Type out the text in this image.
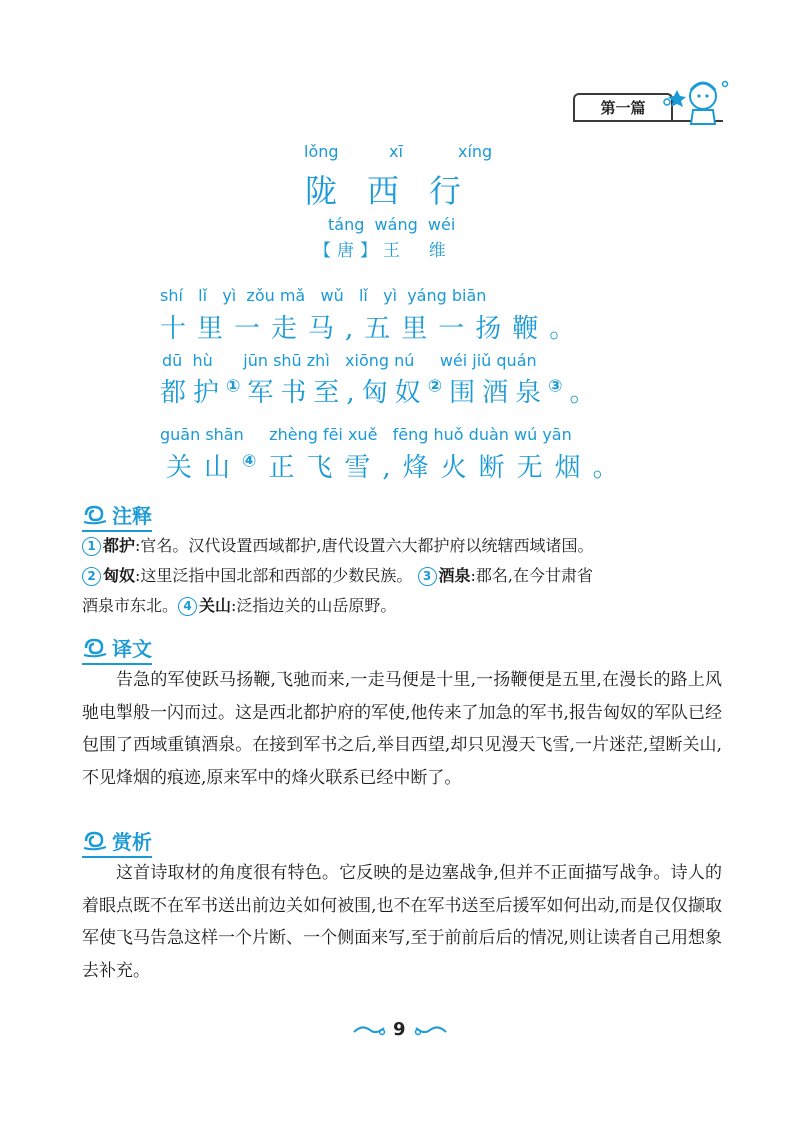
第一篇
lǒng	xī	xíng
陇西行
táng  wáng  wéi
【唐】王  维
shí   lǐ   yì  zǒu mǎ   wǔ   lǐ   yì  yáng biān
十里一走马,五里一扬鞭。
dū  hù      jūn shū zhì   xiōng nú     wéi jiǔ quán
都护①军书至,匈奴②围酒泉③。
guān shān     zhèng fēi xuě   fēng huǒ duàn wú yān
关山④正飞雪,烽火断无烟。
注释
1 都护:官名。汉代设置西域都护,唐代设置六大都护府以统辖西域诸国。
2 匈奴:这里泛指中国北部和西部的少数民族。 3 酒泉:郡名,在今甘肃省
酒泉市东北。 4 关山:泛指边关的山岳原野。
译文
告急的军使跃马扬鞭,飞驰而来,一走马便是十里,一扬鞭便是五里,在漫长的路上风驰电掣般一闪而过。这是西北都护府的军使,他传来了加急的军书,报告匈奴的军队已经包围了西域重镇酒泉。在接到军书之后,举目西望,却只见漫天飞雪,一片迷茫,望断关山,不见烽烟的痕迹,原来军中的烽火联系已经中断了。
赏析
这首诗取材的角度很有特色。它反映的是边塞战争,但并不正面描写战争。诗人的着眼点既不在军书送出前边关如何被围,也不在军书送至后援军如何出动,而是仅仅撷取军使飞马告急这样一个片断、一个侧面来写,至于前前后后的情况,则让读者自己用想象去补充。
9
